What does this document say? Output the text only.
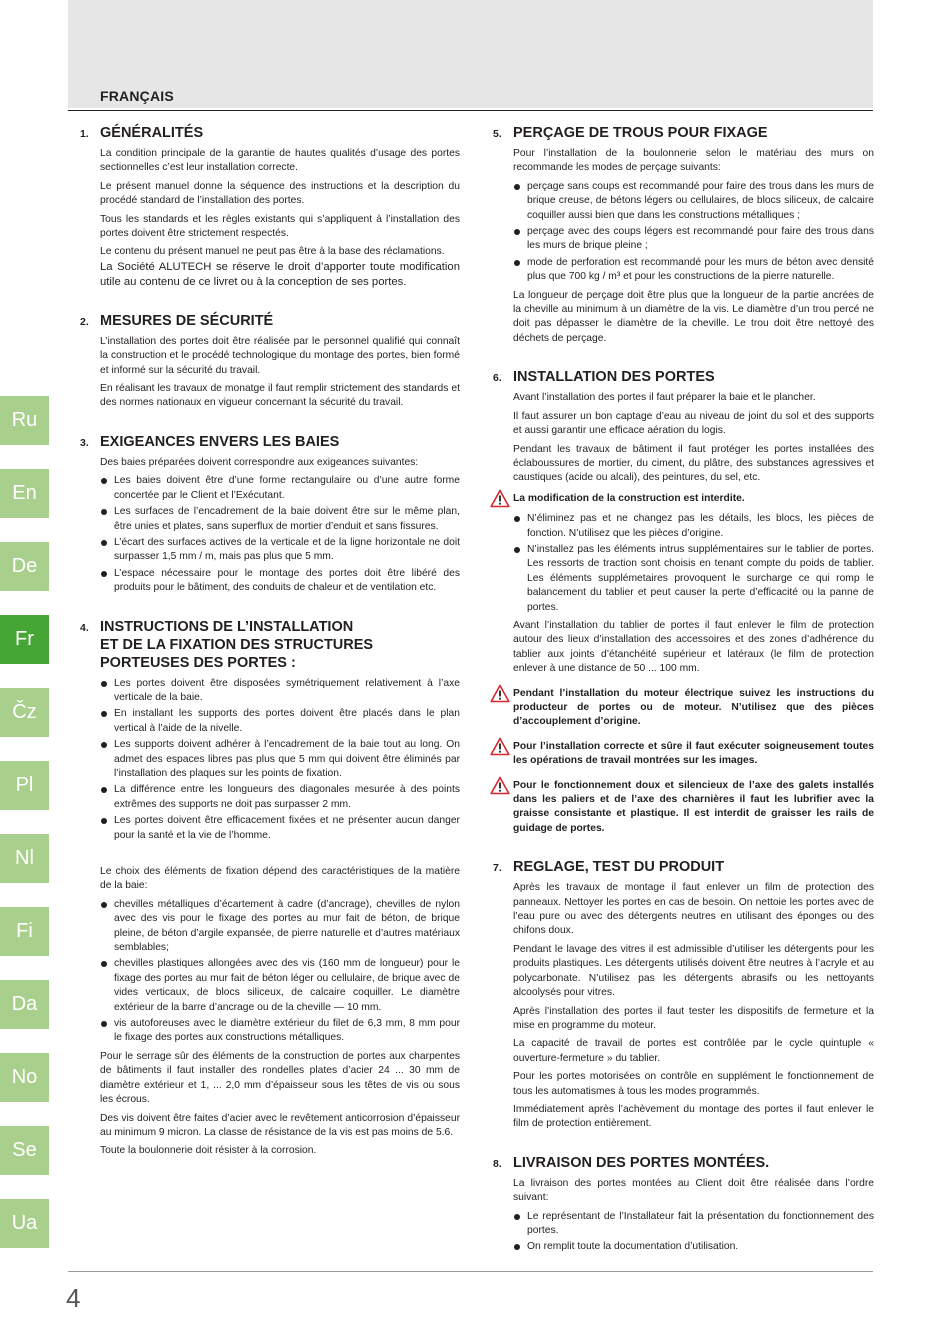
FRANÇAIS
Ru
En
De
Fr
Čz
Pl
Nl
Fi
Da
No
Se
Ua
1. GÉNÉRALITÉS

La condition principale de la garantie de hautes qualités d’usage des portes sectionnelles c’est leur installation correcte.

Le présent manuel donne la séquence des instructions et la description du procédé standard de l’installation des portes.

Tous les standards et les règles existants qui s’appliquent à l’installation des portes doivent être strictement respectés.

Le contenu du présent manuel ne peut pas être à la base des réclamations.

La Société ALUTECH se réserve le droit d’apporter toute modification utile au contenu de ce livret ou à la conception de ses portes.

2. MESURES DE SÉCURITÉ

L’installation des portes doit être réalisée par le personnel qualifié qui connaît la construction et le procédé technologique du montage des portes, bien formé et informé sur la sécurité du travail.

En réalisant les travaux de monatge il faut remplir strictement des standards et des normes nationaux en vigueur concernant la sécurité du travail.

3. EXIGEANCES ENVERS LES BAIES

Des baies préparées doivent correspondre aux exigeances suivantes:

Les baies doivent être d’une forme rectangulaire ou d’une autre forme concertée par le Client et l’Exécutant.
Les surfaces de l’encadrement de la baie doivent être sur le même plan, être unies et plates, sans superflux de mortier d’enduit et sans fissures.
L’écart des surfaces actives de la verticale et de la ligne horizontale ne doit surpasser 1,5 mm / m, mais pas plus que 5 mm.
L’espace nécessaire pour le montage des portes doit être libéré des produits pour le bâtiment, des conduits de chaleur et de ventilation etc.
4. INSTRUCTIONS DE L’INSTALLATION
ET DE LA FIXATION DES STRUCTURES
PORTEUSES DES PORTES :
Les portes doivent être disposées symétriquement relativement à l’axe verticale de la baie.
En installant les supports des portes doivent être placés dans le plan vertical à l’aide de la nivelle.
Les supports doivent adhérer à l’encadrement de la baie tout au long. On admet des espaces libres pas plus que 5 mm qui doivent être éliminés par l’installation des plaques sur les points de fixation.
La différence entre les longueurs des diagonales mesurée à des points extrêmes des supports ne doit pas surpasser 2 mm.
Les portes doivent être efficacement fixées et ne présenter aucun danger pour la santé et la vie de l’homme.

Le choix des éléments de fixation dépend des caractéristiques de la matière de la baie:

chevilles métalliques d’écartement à cadre (d’ancrage), chevilles de nylon avec des vis pour le fixage des portes au mur fait de béton, de brique pleine, de béton d’argile expansée, de pierre naturelle et d’autres matériaux semblables;
chevilles plastiques allongées avec des vis (160 mm de longueur) pour le fixage des portes au mur fait de béton léger ou cellulaire, de brique avec de vides verticaux, de blocs siliceux, de calcaire coquiller. Le diamètre extérieur de la barre d’ancrage ou de la cheville — 10 mm.
vis autoforeuses avec le diamètre extérieur du filet de 6,3 mm, 8 mm pour le fixage des portes aux constructions métalliques.

Pour le serrage sûr des éléments de la construction de portes aux charpentes de bâtiments il faut installer des rondelles plates d’acier 24 ... 30 mm de diamètre extérieur et 1, ... 2,0 mm d’épaisseur sous les têtes de vis ou sous les écrous.

Des vis doivent être faites d’acier avec le revêtement anticorrosion d’épaisseur au minimum 9 micron. La classe de résistance de la vis est pas moins de 5.6.

Toute la boulonnerie doit résister à la corrosion.

5. PERÇAGE DE TROUS POUR FIXAGE

Pour l’installation de la boulonnerie selon le matériau des murs on recommande les modes de perçage suivants:

perçage sans coups est recommandé pour faire des trous dans les murs de brique creuse, de bétons légers ou cellulaires, de blocs siliceux, de calcaire coquiller aussi bien que dans les constructions métalliques ;
perçage avec des coups légers est recommandé pour faire des trous dans les murs de brique pleine ;
mode de perforation est recommandé pour les murs de béton avec densité plus que 700 kg / m³ et pour les constructions de la pierre naturelle.

La longueur de perçage doit être plus que la longueur de la partie ancrées de la cheville au minimum à un diamètre de la vis. Le diamètre d’un trou percé ne doit pas dépasser le diamètre de la cheville. Le trou doit être nettoyé des déchets de perçage.

6. INSTALLATION DES PORTES

Avant l’installation des portes il faut préparer la baie et le plancher.

Il faut assurer un bon captage d’eau au niveau de joint du sol et des supports et aussi garantir une efficace aération du logis.

Pendant les travaux de bâtiment il faut protéger les portes installées des éclaboussures de mortier, du ciment, du plâtre, des substances agressives et caustiques (acide ou alcali), des peintures, du sel, etc.

La modification de la construction est interdite.

N’éliminez pas et ne changez pas les détails, les blocs, les pièces de fonction. N’utilisez que les pièces d’origine.
N’installez pas les éléments intrus supplémentaires sur le tablier de portes. Les ressorts de traction sont choisis en tenant compte du poids de tablier. Les éléments supplémetaires provoquent le surcharge ce qui romp le balancement du tablier et peut causer la perte d’efficacité ou la panne de portes.

Avant l’installation du tablier de portes il faut enlever le film de protection autour des lieux d’installation des accessoires et des zones d’adhérence du tablier aux joints d’étanchéité supérieur et latéraux (le film de protection enlever à une distance de 50 ... 100 mm.

Pendant l’installation du moteur électrique suivez les instructions du producteur de portes ou de moteur. N’utilisez que des pièces d’accouplement d’origine.

Pour l’installation correcte et sûre il faut exécuter soigneusement toutes les opérations de travail montrées sur les images.

Pour le fonctionnement doux et silencieux de l’axe des galets installés dans les paliers et de l’axe des charnières il faut les lubrifier avec la graisse consistante et plastique. Il est interdit de graisser les rails de guidage de portes.

7. REGLAGE, TEST DU PRODUIT

Après les travaux de montage il faut enlever un film de protection des panneaux. Nettoyer les portes en cas de besoin. On nettoie les portes avec de l’eau pure ou avec des détergents neutres en utilisant des éponges ou des chifons doux.

Pendant le lavage des vitres il est admissible d’utiliser les détergents pour les produits plastiques. Les détergents utilisés doivent être neutres à l’acryle et au polycarbonate. N’utilisez pas les détergents abrasifs ou les nettoyants alcoolysés pour vitres.

Après l’installation des portes il faut tester les dispositifs de fermeture et la mise en programme du moteur.

La capacité de travail de portes est contrôlée par le cycle quintuple « ouverture-fermeture » du tablier.

Pour les portes motorisées on contrôle en supplément le fonctionnement de tous les automatismes à tous les modes programmés.

Immédiatement après l’achèvement du montage des portes il faut enlever le film de protection entièrement.

8. LIVRAISON DES PORTES MONTÉES.

La livraison des portes montées au Client doit être réalisée dans l’ordre suivant:

Le représentant de l’Installateur fait la présentation du fonctionnement des portes.
On remplit toute la documentation d’utilisation.
4
